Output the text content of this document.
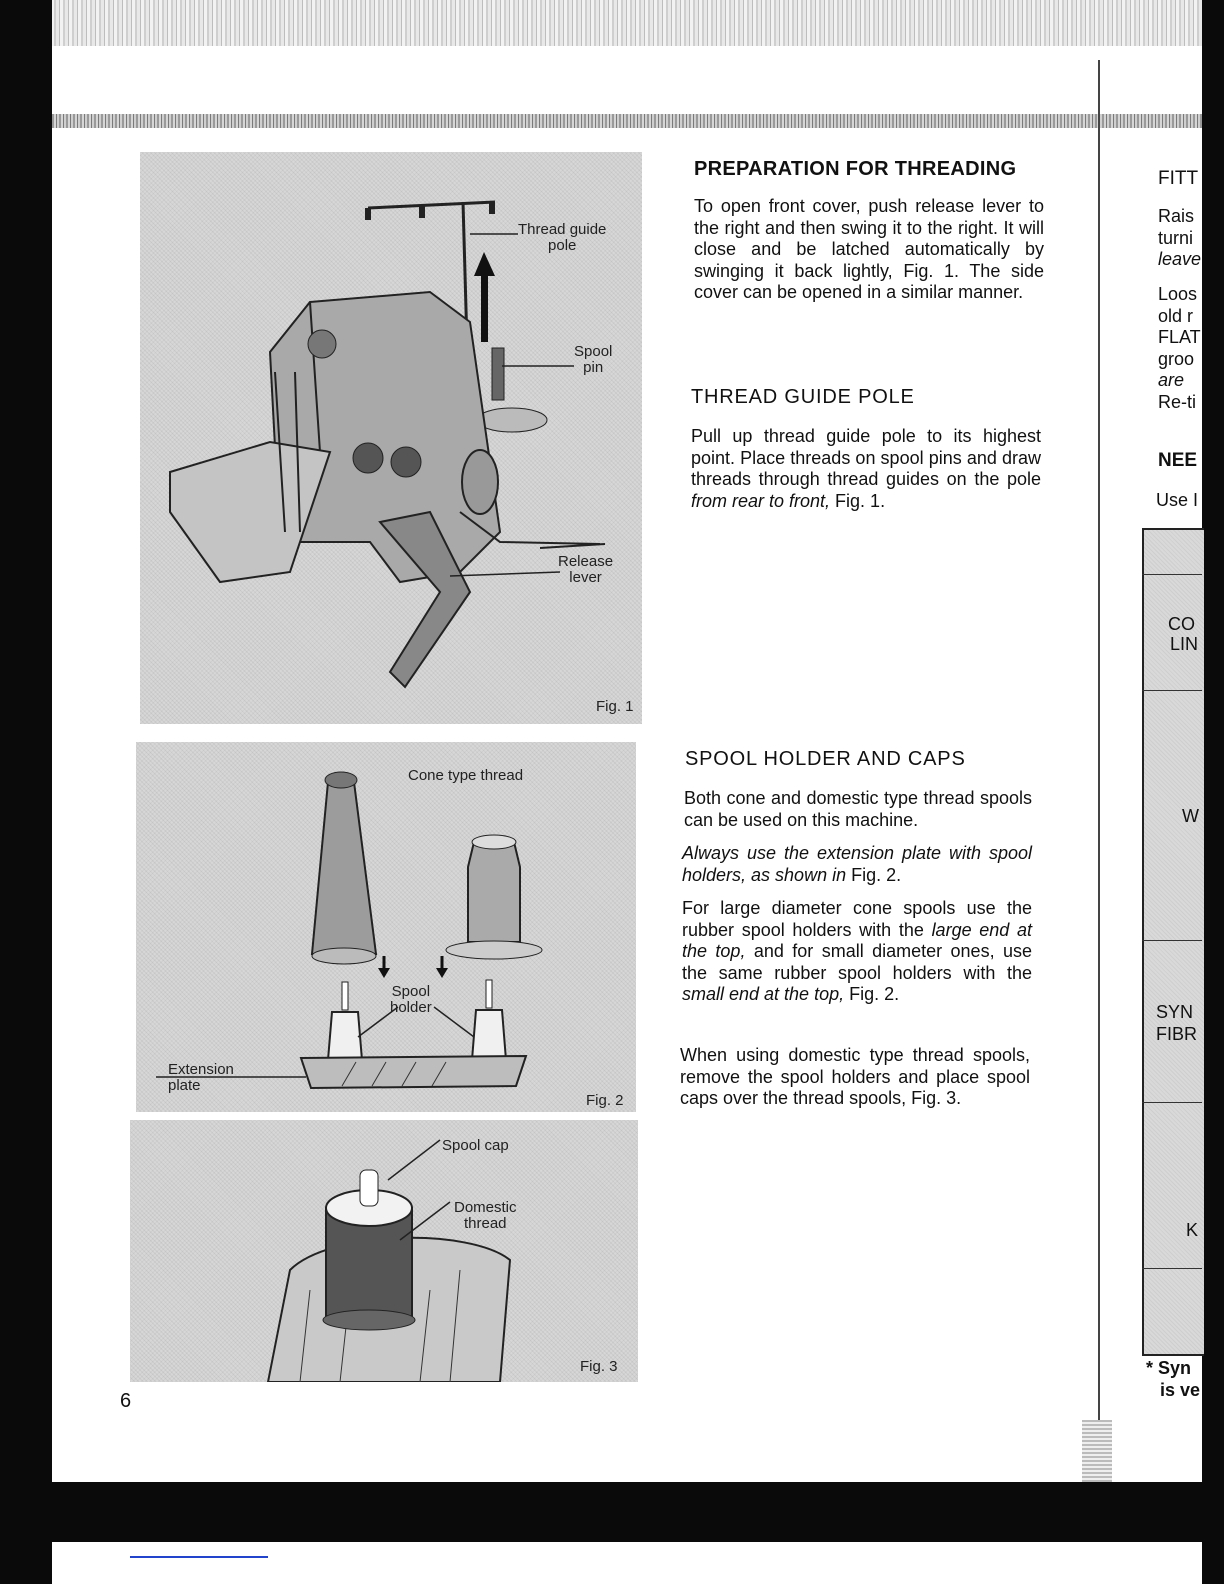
Thread guide
pole
Spool
pin
Release
lever
Fig. 1
Cone type thread
Spool
holder
Extension
plate
Fig. 2
Spool cap
Domestic
thread
Fig. 3
6
PREPARATION FOR THREADING

To open front cover, push release lever to the right and then swing it to the right. It will close and be latched automatically by swinging it back lightly, Fig. 1. The side cover can be opened in a similar manner.

THREAD GUIDE POLE

Pull up thread guide pole to its highest point. Place threads on spool pins and draw threads through thread guides on the pole from rear to front, Fig. 1.

SPOOL HOLDER AND CAPS

Both cone and domestic type thread spools can be used on this machine.

Always use the extension plate with spool holders, as shown in Fig. 2.

For large diameter cone spools use the rubber spool holders with the large end at the top, and for small diameter ones, use the same rubber spool holders with the small end at the top, Fig. 2.

When using domestic type thread spools, remove the spool holders and place spool caps over the thread spools, Fig. 3.

FITT
Rais
turni
leave
Loos
old r
FLAT
groo
are
Re-ti
NEE
Use I
CO
LIN
W
SYN
FIBR
K
* Syn
is ve
